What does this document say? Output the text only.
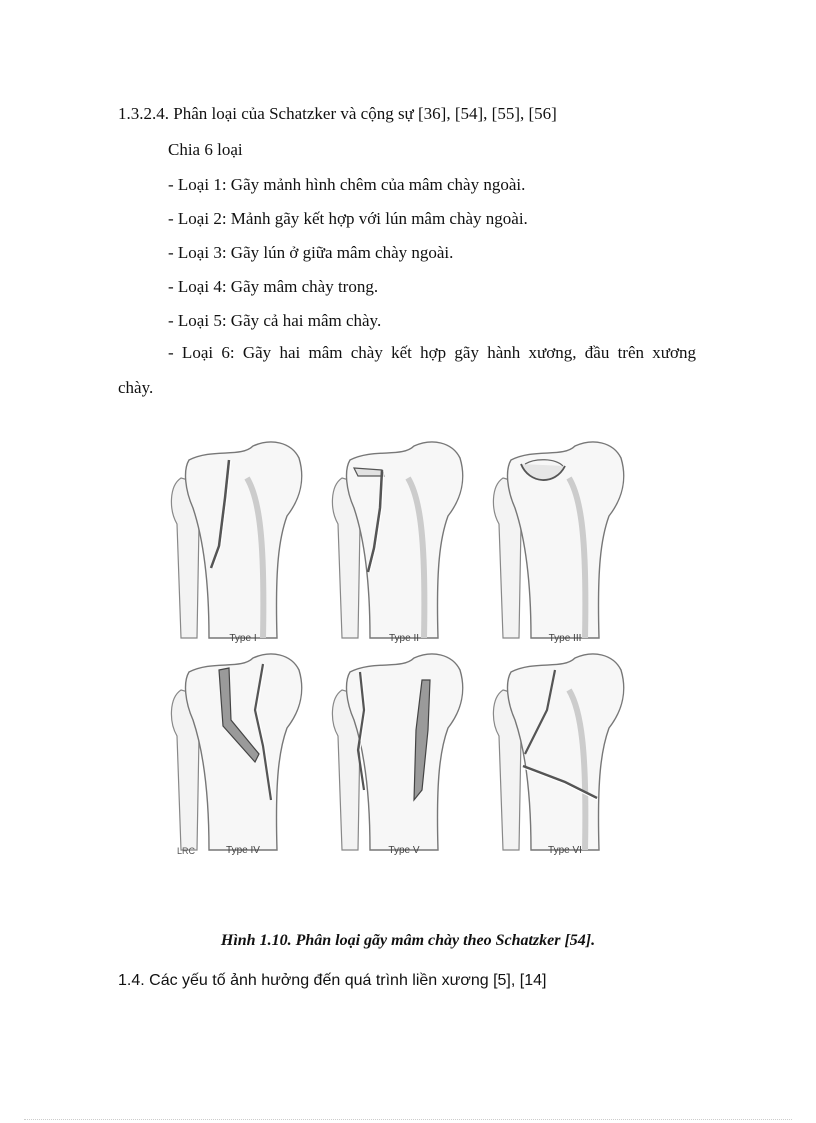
1.3.2.4. Phân loại của Schatzker và cộng sự [36], [54], [55], [56]
Chia 6 loại
- Loại 1: Gãy mảnh hình chêm của mâm chày ngoài.
- Loại 2: Mảnh gãy kết hợp với lún mâm chày ngoài.
- Loại 3: Gãy lún ở giữa mâm chày ngoài.
- Loại 4: Gãy mâm chày trong.
- Loại 5: Gãy cả hai mâm chày.
- Loại 6: Gãy hai mâm chày kết hợp gãy hành xương, đầu trên xương
chày.
Type I	Type II	Type III
LRC	Type IV	Type V	Type VI
Hình 1.10. Phân loại gãy mâm chày theo Schatzker [54].
1.4. Các yếu tố ảnh hưởng đến quá trình liền xương [5], [14]
